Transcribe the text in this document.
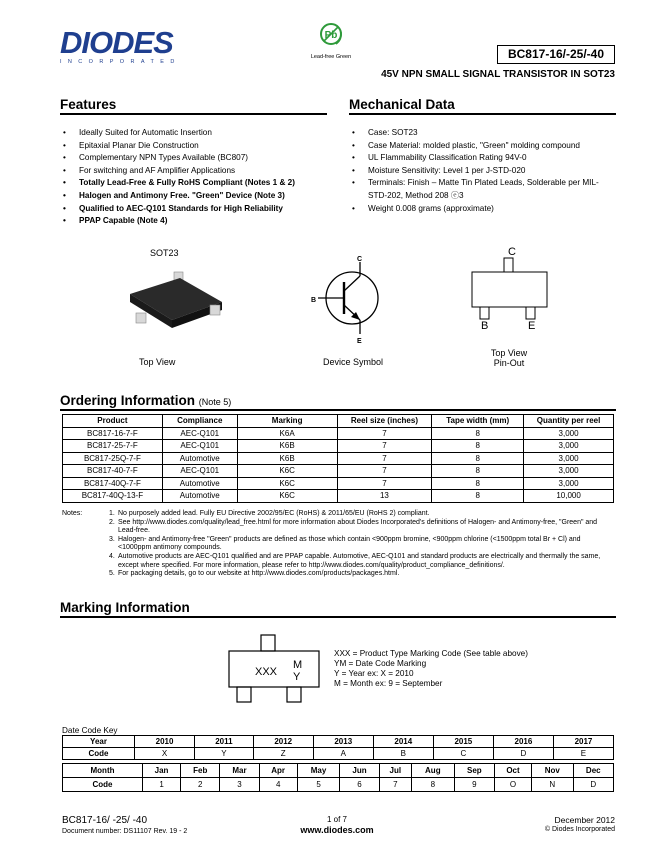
DIODES
INCORPORATED
Pb
Lead-free Green	BC817-16/-25/-40
45V NPN SMALL SIGNAL TRANSISTOR IN SOT23
Features
• Ideally Suited for Automatic Insertion
• Epitaxial Planar Die Construction
• Complementary NPN Types Available (BC807)
• For switching and AF Amplifier Applications
• Totally Lead-Free & Fully RoHS Compliant (Notes 1 & 2)
• Halogen and Antimony Free. "Green" Device (Note 3)
• Qualified to AEC-Q101 Standards for High Reliability
• PPAP Capable (Note 4)
Mechanical Data
• Case: SOT23
• Case Material: molded plastic, "Green" molding compound
• UL Flammability Classification Rating 94V-0
• Moisture Sensitivity: Level 1 per J-STD-020
• Terminals: Finish – Matte Tin Plated Leads, Solderable per MIL-STD-202, Method 208 ⓔ3
• Weight 0.008 grams (approximate)
SOT23
Top View
C
B
E
Device Symbol
C
B	E
Top View
Pin-Out
Ordering Information (Note 5)
Product	Compliance	Marking	Reel size (inches)	Tape width (mm)	Quantity per reel
BC817-16-7-F	AEC-Q101	K6A	7	8	3,000
BC817-25-7-F	AEC-Q101	K6B	7	8	3,000
BC817-25Q-7-F	Automotive	K6B	7	8	3,000
BC817-40-7-F	AEC-Q101	K6C	7	8	3,000
BC817-40Q-7-F	Automotive	K6C	7	8	3,000
BC817-40Q-13-F	Automotive	K6C	13	8	10,000
Notes:	1. No purposely added lead. Fully EU Directive 2002/95/EC (RoHS) & 2011/65/EU (RoHS 2) compliant.
2. See http://www.diodes.com/quality/lead_free.html for more information about Diodes Incorporated's definitions of Halogen- and Antimony-free, "Green" and Lead-free.
3. Halogen- and Antimony-free "Green" products are defined as those which contain <900ppm bromine, <900ppm chlorine (<1500ppm total Br + Cl) and <1000ppm antimony compounds.
4. Automotive products are AEC-Q101 qualified and are PPAP capable. Automotive, AEC-Q101 and standard products are electrically and thermally the same, except where specified. For more information, please refer to http://www.diodes.com/quality/product_compliance_definitions/.
5. For packaging details, go to our website at http://www.diodes.com/products/packages.html.
Marking Information
XXX
M
Y
XXX = Product Type Marking Code (See table above)
YM = Date Code Marking
Y = Year ex: X = 2010
M = Month ex: 9 = September
Date Code Key
Year	2010	2011	2012	2013	2014	2015	2016	2017
Code	X	Y	Z	A	B	C	D	E
Month	Jan	Feb	Mar	Apr	May	Jun	Jul	Aug	Sep	Oct	Nov	Dec
Code	1	2	3	4	5	6	7	8	9	O	N	D
BC817-16/ -25/ -40
Document number: DS11107 Rev. 19 - 2
1 of 7
www.diodes.com
December 2012
© Diodes Incorporated
